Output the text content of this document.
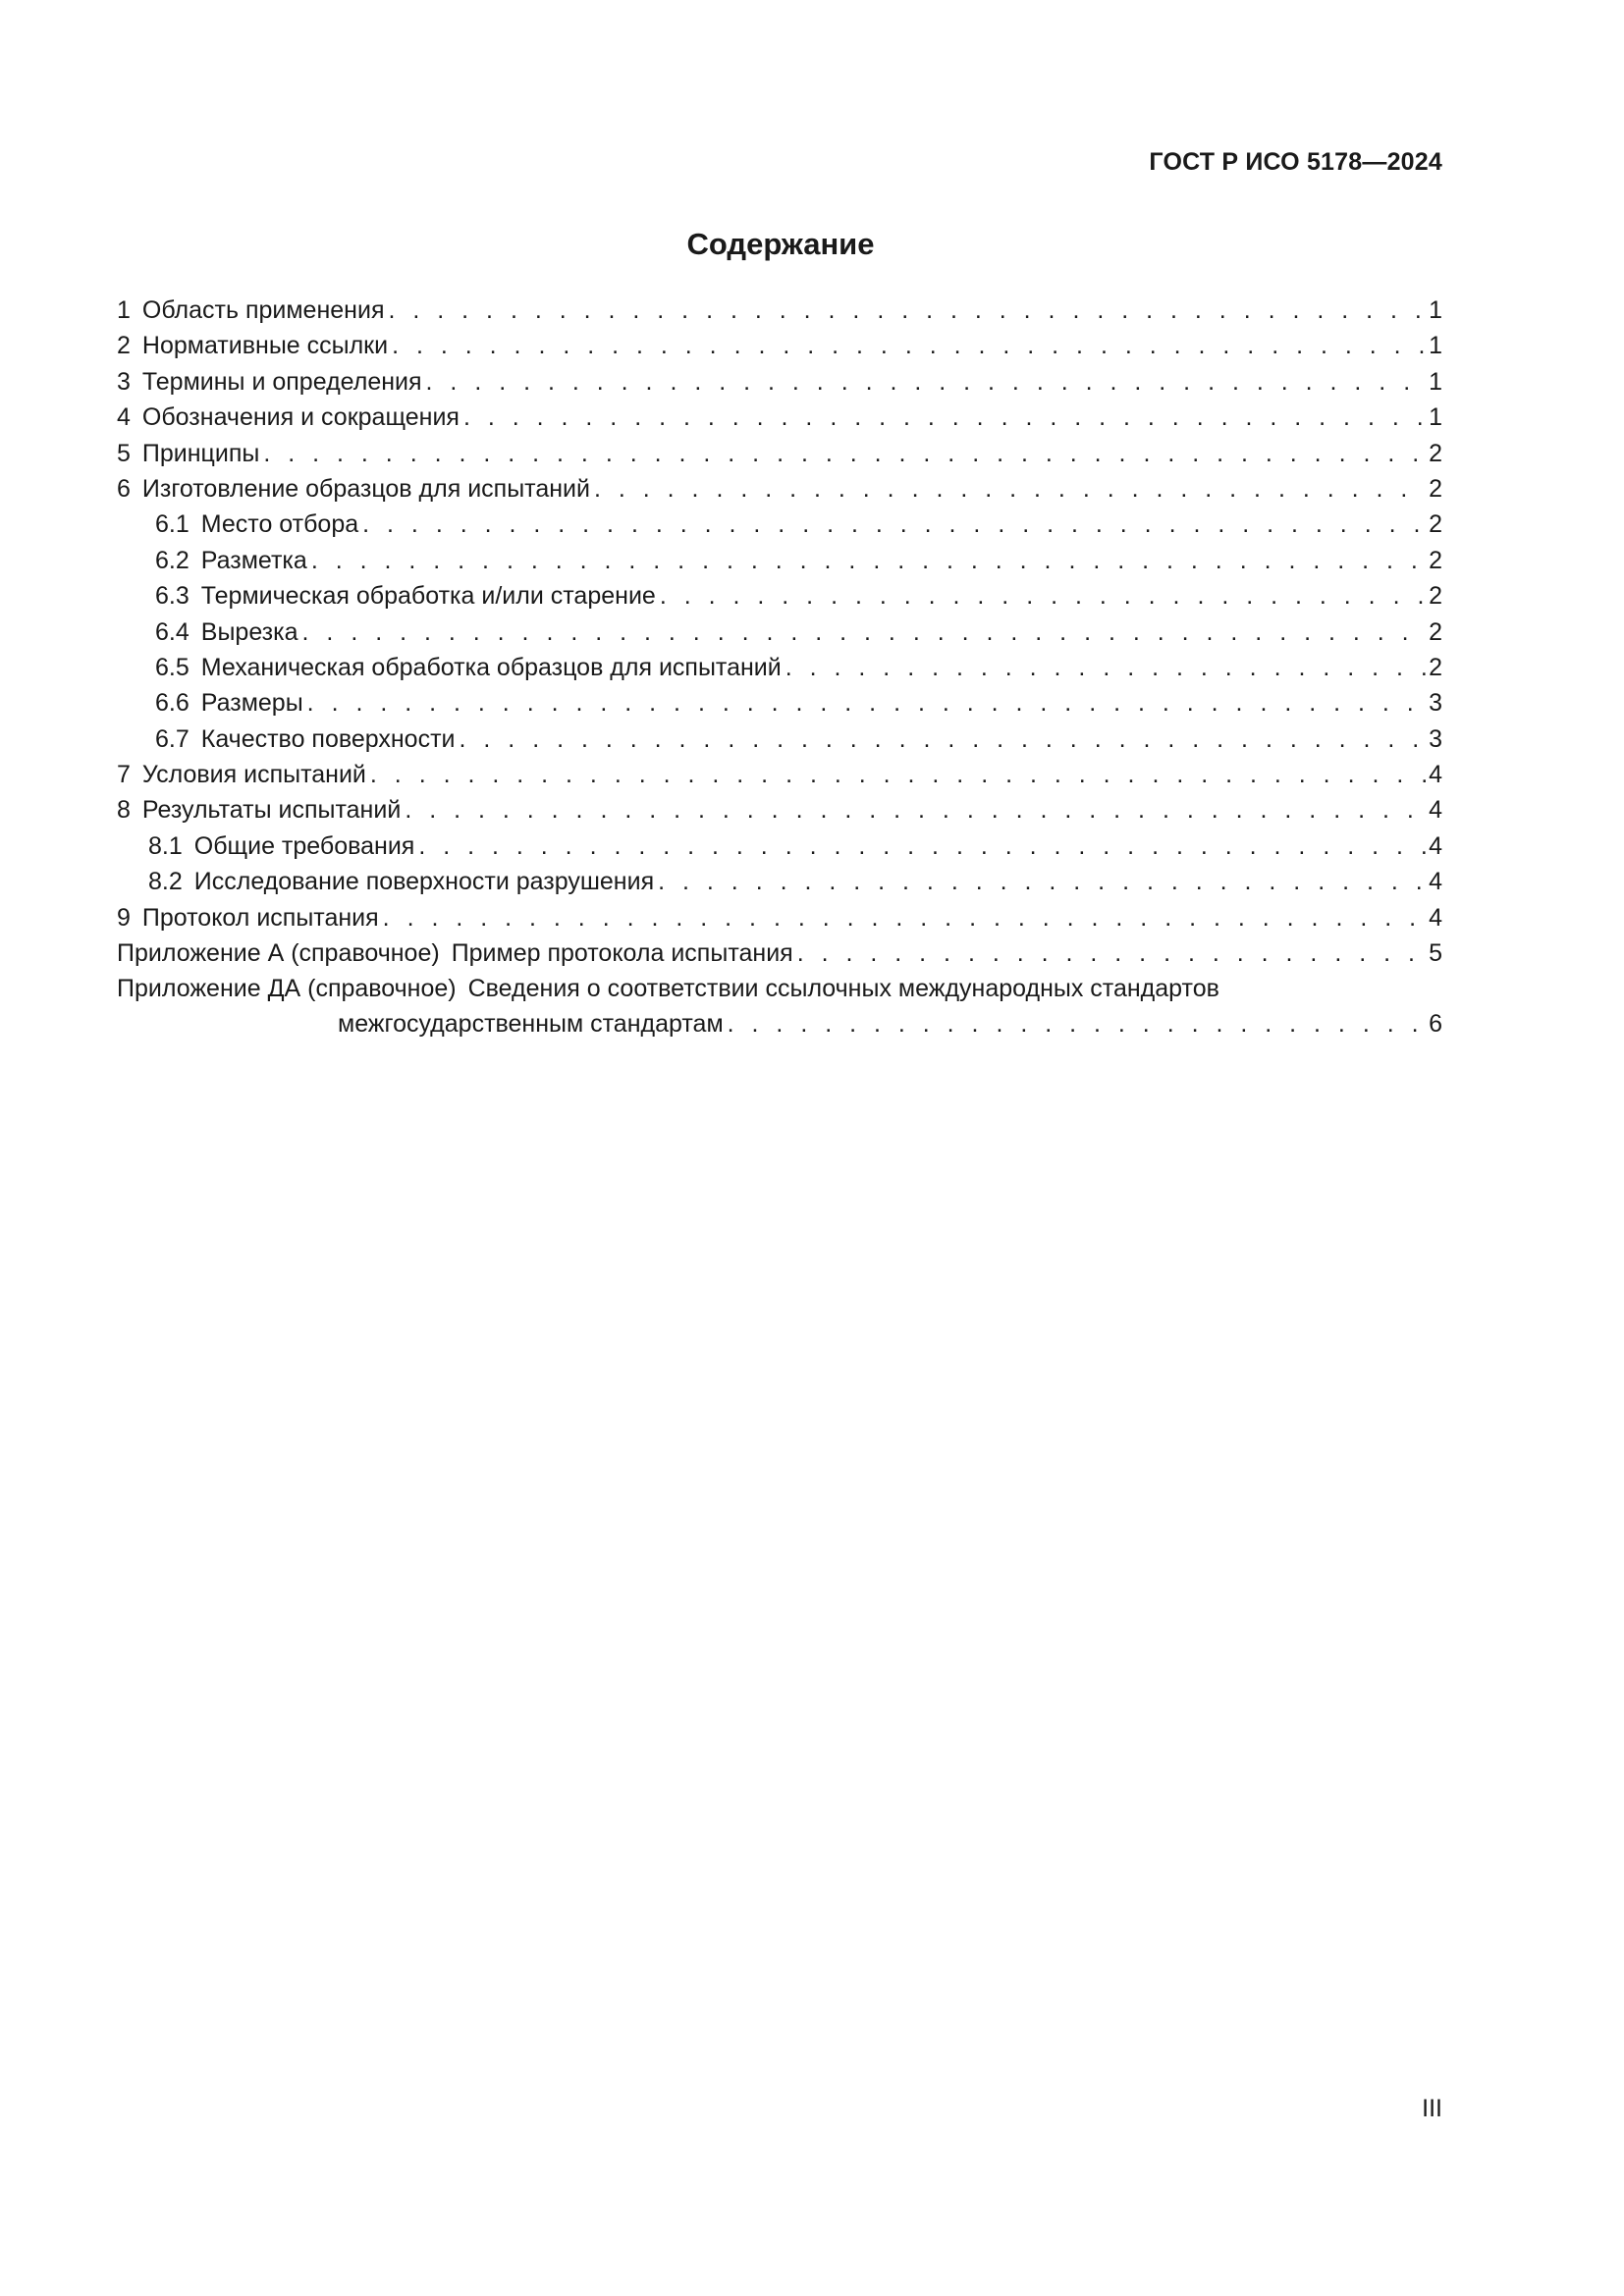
ГОСТ Р ИСО 5178—2024
Содержание
1 Область применения . . .	1
2 Нормативные ссылки . . .	1
3 Термины и определения . . .	1
4 Обозначения и сокращения . . .	1
5 Принципы . . .	2
6 Изготовление образцов для испытаний . . .	2
6.1 Место отбора . . .	2
6.2 Разметка . . .	2
6.3 Термическая обработка и/или старение . . .	2
6.4 Вырезка . . .	2
6.5 Механическая обработка образцов для испытаний . . .	2
6.6 Размеры . . .	3
6.7 Качество поверхности . . .	3
7 Условия испытаний . . .	4
8 Результаты испытаний . . .	4
8.1 Общие требования . . .	4
8.2 Исследование поверхности разрушения . . .	4
9 Протокол испытания . . .	4
Приложение А (справочное) Пример протокола испытания . . .	5
Приложение ДА (справочное) Сведения о соответствии ссылочных международных стандартов
межгосударственным стандартам . . .	6
III
